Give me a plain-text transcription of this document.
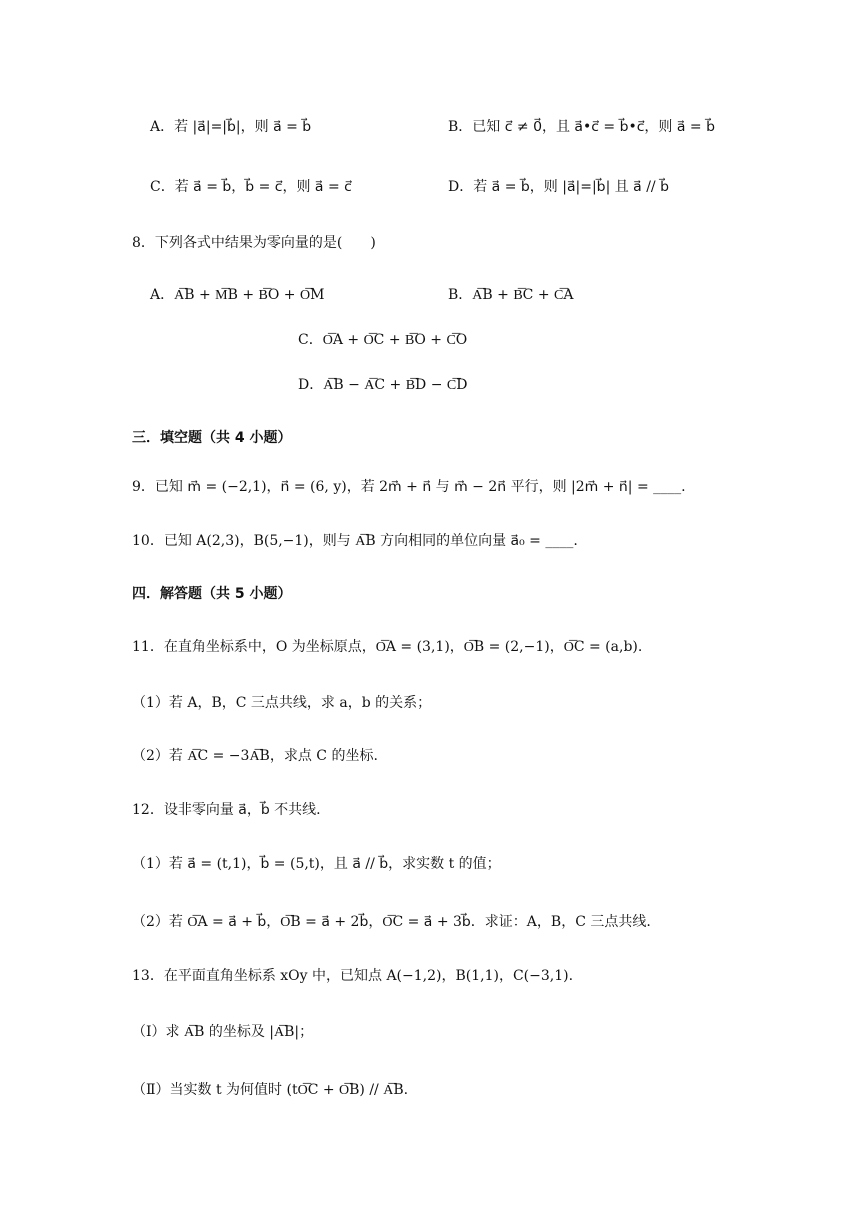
A．若 |a⃗|=|b⃗|，则 a⃗ = b⃗	B．已知 c⃗ ≠ 0⃗，且 a⃗•c⃗ = b⃗•c⃗，则 a⃗ = b⃗
C．若 a⃗ = b⃗，b⃗ = c⃗，则 a⃗ = c⃗	D．若 a⃗ = b⃗，则 |a⃗|=|b⃗| 且 a⃗ // b⃗
8．下列各式中结果为零向量的是(　　)
A．A͞B + M͞B + B͞O + O͞M	B．A͞B + B͞C + C͞A
C．O͞A + O͞C + B͞O + C͞O
D．A͞B − A͞C + B͞D − C͞D
三．填空题（共 4 小题）
9．已知 m⃗ = (−2,1)，n⃗ = (6, y)，若 2m⃗ + n⃗ 与 m⃗ − 2n⃗ 平行，则 |2m⃗ + n⃗| = ____.
10．已知 A(2,3)，B(5,−1)，则与 A͞B 方向相同的单位向量 a⃗₀ = ____.
四．解答题（共 5 小题）
11．在直角坐标系中，O 为坐标原点，O͞A = (3,1)，O͞B = (2,−1)，O͞C = (a,b).
（1）若 A，B，C 三点共线，求 a，b 的关系；
（2）若 A͞C = −3A͞B，求点 C 的坐标.
12．设非零向量 a⃗，b⃗ 不共线.
（1）若 a⃗ = (t,1)，b⃗ = (5,t)，且 a⃗ // b⃗，求实数 t 的值；
（2）若 O͞A = a⃗ + b⃗，O͞B = a⃗ + 2b⃗，O͞C = a⃗ + 3b⃗．求证：A，B，C 三点共线.
13．在平面直角坐标系 xOy 中，已知点 A(−1,2)，B(1,1)，C(−3,1).
（Ⅰ）求 A͞B 的坐标及 |A͞B|；
（Ⅱ）当实数 t 为何值时 (tO͞C + O͞B) // A͞B.
